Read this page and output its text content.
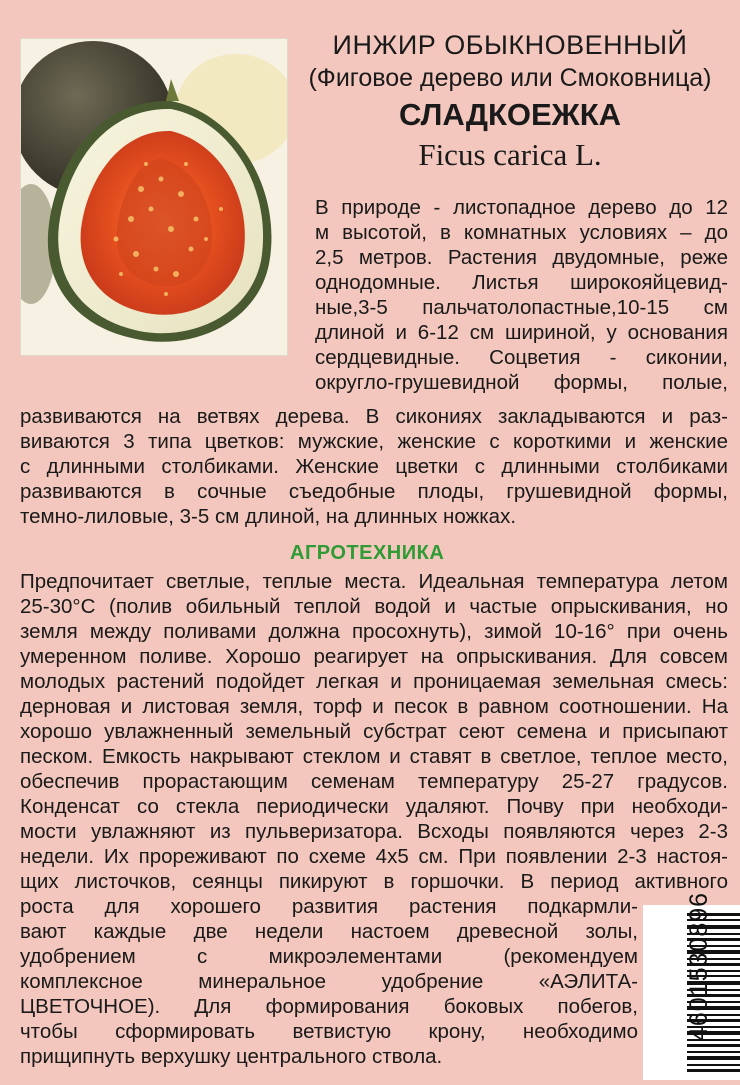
ИНЖИР ОБЫКНОВЕННЫЙ
(Фиговое дерево или Смоковница)
СЛАДКОЕЖКА
Ficus carica L.
В природе - листопадное дерево до 12
м высотой, в комнатных условиях – до
2,5 метров. Растения двудомные, реже
однодомные. Листья широкояйцевид-
ные,3-5 пальчатолопастные,10-15 см
длиной и 6-12 см шириной, у основания
сердцевидные. Соцветия - сиконии,
округло-грушевидной формы, полые,
развиваются на ветвях дерева. В сикониях закладываются и раз-
виваются 3 типа цветков: мужские, женские с короткими и женские
с длинными столбиками. Женские цветки с длинными столбиками
развиваются в сочные съедобные плоды, грушевидной формы,
темно-лиловые, 3-5 см длиной, на длинных ножках.
АГРОТЕХНИКА
Предпочитает светлые, теплые места. Идеальная температура летом
25-30°С (полив обильный теплой водой и частые опрыскивания, но
земля между поливами должна просохнуть), зимой 10-16° при очень
умеренном поливе. Хорошо реагирует на опрыскивания. Для совсем
молодых растений подойдет легкая и проницаемая земельная смесь:
дерновая и листовая земля, торф и песок в равном соотношении. На
хорошо увлажненный земельный субстрат сеют семена и присыпают
песком. Емкость накрывают стеклом и ставят в светлое, теплое место,
обеспечив прорастающим семенам температуру 25-27 градусов.
Конденсат со стекла периодически удаляют. Почву при необходи-
мости увлажняют из пульверизатора. Всходы появляются через 2-3
недели. Их прореживают по схеме 4х5 см. При появлении 2-3 настоя-
щих листочков, сеянцы пикируют в горшочки. В период активного
роста для хорошего развития растения подкармли-
вают каждые две недели настоем древесной золы,
удобрением с микроэлементами (рекомендуем
комплексное минеральное удобрение «АЭЛИТА-
ЦВЕТОЧНОЕ). Для формирования боковых побегов,
чтобы сформировать ветвистую крону, необходимо
прищипнуть верхушку центрального ствола.
4601530896
